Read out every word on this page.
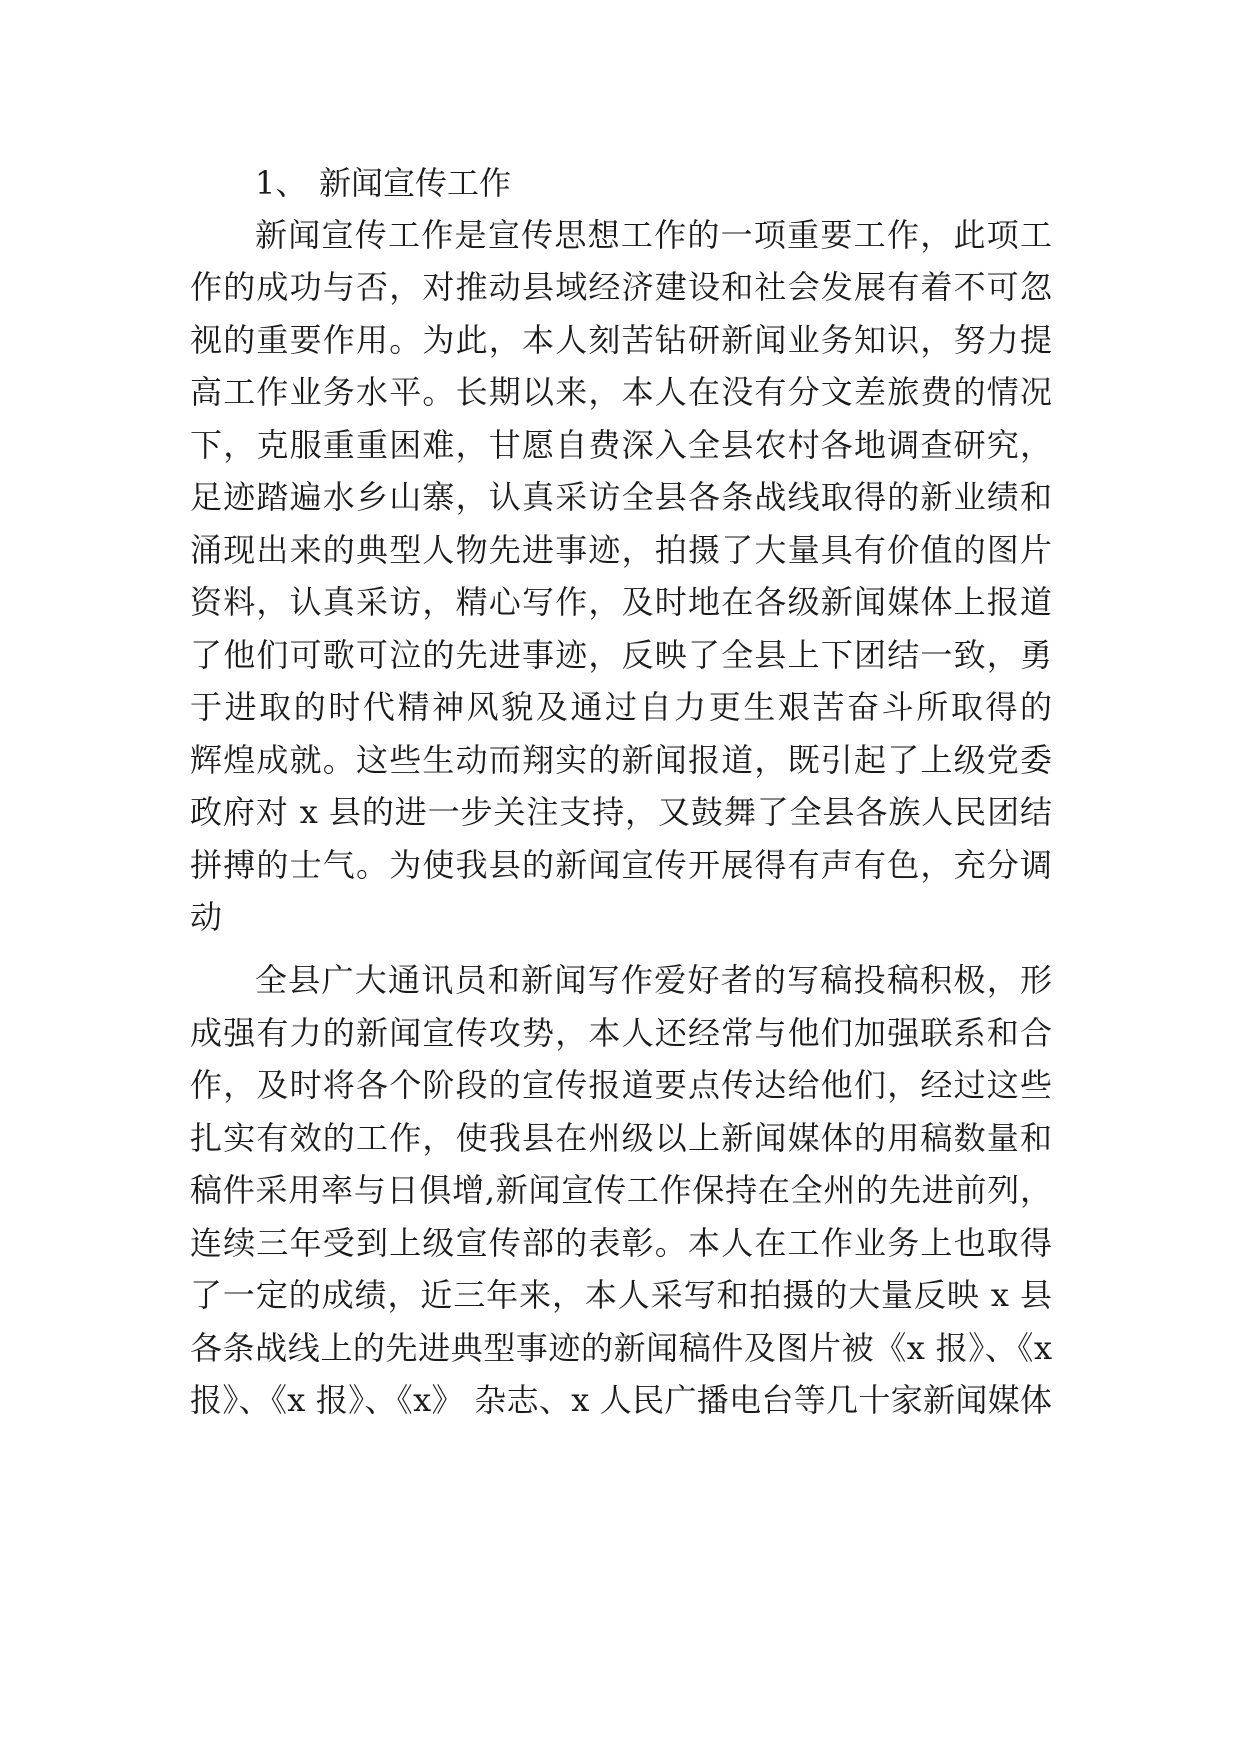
1、 新闻宣传工作
新闻宣传工作是宣传思想工作的一项重要工作，此项工
作的成功与否，对推动县域经济建设和社会发展有着不可忽
视的重要作用。为此，本人刻苦钻研新闻业务知识，努力提
高工作业务水平。长期以来，本人在没有分文差旅费的情况
下，克服重重困难，甘愿自费深入全县农村各地调查研究，
足迹踏遍水乡山寨，认真采访全县各条战线取得的新业绩和
涌现出来的典型人物先进事迹，拍摄了大量具有价值的图片
资料，认真采访，精心写作，及时地在各级新闻媒体上报道
了他们可歌可泣的先进事迹，反映了全县上下团结一致，勇
于进取的时代精神风貌及通过自力更生艰苦奋斗所取得的
辉煌成就。这些生动而翔实的新闻报道，既引起了上级党委
政府对 x 县的进一步关注支持，又鼓舞了全县各族人民团结
拼搏的士气。为使我县的新闻宣传开展得有声有色，充分调
动
全县广大通讯员和新闻写作爱好者的写稿投稿积极，形
成强有力的新闻宣传攻势，本人还经常与他们加强联系和合
作，及时将各个阶段的宣传报道要点传达给他们，经过这些
扎实有效的工作，使我县在州级以上新闻媒体的用稿数量和
稿件采用率与日俱增,新闻宣传工作保持在全州的先进前列，
连续三年受到上级宣传部的表彰。本人在工作业务上也取得
了一定的成绩，近三年来，本人采写和拍摄的大量反映 x 县
各条战线上的先进典型事迹的新闻稿件及图片被《x 报》、《x
报》、《x 报》、《x》 杂志、x 人民广播电台等几十家新闻媒体
